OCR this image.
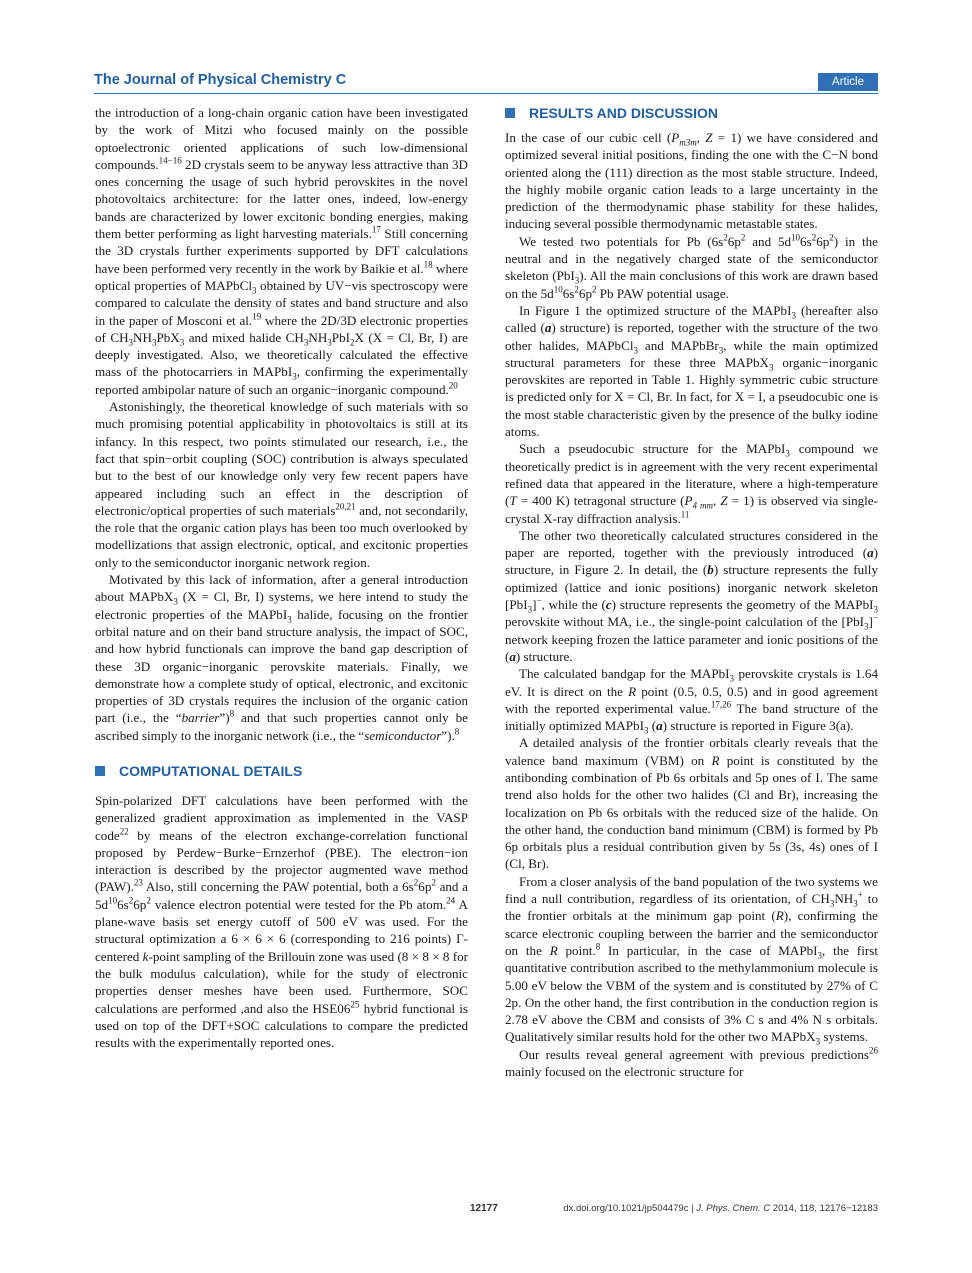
The Journal of Physical Chemistry C	Article

the introduction of a long-chain organic cation have been investigated by the work of Mitzi who focused mainly on the possible optoelectronic oriented applications of such low-dimensional compounds.$^{14-16}$ 2D crystals seem to be anyway less attractive than 3D ones concerning the usage of such hybrid perovskites in the novel photovoltaics architecture: for the latter ones, indeed, low-energy bands are characterized by lower excitonic bonding energies, making them better performing as light harvesting materials.$^{17}$ Still concerning the 3D crystals further experiments supported by DFT calculations have been performed very recently in the work by Baikie et al.$^{18}$ where optical properties of MAPbCl$_3$ obtained by UV−vis spectroscopy were compared to calculate the density of states and band structure and also in the paper of Mosconi et al.$^{19}$ where the 2D/3D electronic properties of $CH_3NH_3PbX_3$ and mixed halide $CH_3NH_3PbI_2X$ (X = Cl, Br, I) are deeply investigated. Also, we theoretically calculated the effective mass of the photocarriers in MAPbI$_3$, confirming the experimentally reported ambipolar nature of such an organic−inorganic compound.$^{20}$

Astonishingly, the theoretical knowledge of such materials with so much promising potential applicability in photovoltaics is still at its infancy. In this respect, two points stimulated our research, i.e., the fact that spin−orbit coupling (SOC) contribution is always speculated but to the best of our knowledge only very few recent papers have appeared including such an effect in the description of electronic/optical properties of such materials$^{20,21}$ and, not secondarily, the role that the organic cation plays has been too much overlooked by modellizations that assign electronic, optical, and excitonic properties only to the semiconductor inorganic network region.

Motivated by this lack of information, after a general introduction about MAPbX$_3$ (X = Cl, Br, I) systems, we here intend to study the electronic properties of the MAPbI$_3$ halide, focusing on the frontier orbital nature and on their band structure analysis, the impact of SOC, and how hybrid functionals can improve the band gap description of these 3D organic−inorganic perovskite materials. Finally, we demonstrate how a complete study of optical, electronic, and excitonic properties of 3D crystals requires the inclusion of the organic cation part (i.e., the “barrier”)$^8$ and that such properties cannot only be ascribed simply to the inorganic network (i.e., the “semiconductor”).$^8$

COMPUTATIONAL DETAILS

Spin-polarized DFT calculations have been performed with the generalized gradient approximation as implemented in the VASP code$^{22}$ by means of the electron exchange-correlation functional proposed by Perdew−Burke−Ernzerhof (PBE). The electron−ion interaction is described by the projector augmented wave method (PAW).$^{23}$ Also, still concerning the PAW potential, both a $6s^26p^2$ and a $5d^{10}6s^26p^2$ valence electron potential were tested for the Pb atom.$^{24}$ A plane-wave basis set energy cutoff of 500 eV was used. For the structural optimization a 6 × 6 × 6 (corresponding to 216 points) Γ-centered k-point sampling of the Brillouin zone was used (8 × 8 × 8 for the bulk modulus calculation), while for the study of electronic properties denser meshes have been used. Furthermore, SOC calculations are performed ,and also the $HSE06^{25}$ hybrid functional is used on top of the DFT+SOC calculations to compare the predicted results with the experimentally reported ones.

RESULTS AND DISCUSSION

In the case of our cubic cell ($P_{m3m}$, Z = 1) we have considered and optimized several initial positions, finding the one with the C−N bond oriented along the (111) direction as the most stable structure. Indeed, the highly mobile organic cation leads to a large uncertainty in the prediction of the thermodynamic phase stability for these halides, inducing several possible thermodynamic metastable states.

We tested two potentials for Pb ($6s^26p^2$ and $5d^{10}6s^26p^2$) in the neutral and in the negatively charged state of the semiconductor skeleton (PbI$_3$). All the main conclusions of this work are drawn based on the $5d^{10}6s^26p^2$ Pb PAW potential usage.

In Figure 1 the optimized structure of the MAPbI$_3$ (hereafter also called (a) structure) is reported, together with the structure of the two other halides, MAPbCl$_3$ and MAPbBr$_3$, while the main optimized structural parameters for these three MAPbX$_3$ organic−inorganic perovskites are reported in Table 1. Highly symmetric cubic structure is predicted only for X = Cl, Br. In fact, for X = I, a pseudocubic one is the most stable characteristic given by the presence of the bulky iodine atoms.

Such a pseudocubic structure for the MAPbI$_3$ compound we theoretically predict is in agreement with the very recent experimental refined data that appeared in the literature, where a high-temperature (T = 400 K) tetragonal structure ($P_{4 mm}$, Z = 1) is observed via single-crystal X-ray diffraction analysis.$^{11}$

The other two theoretically calculated structures considered in the paper are reported, together with the previously introduced (a) structure, in Figure 2. In detail, the (b) structure represents the fully optimized (lattice and ionic positions) inorganic network skeleton [PbI$_3$]−, while the (c) structure represents the geometry of the MAPbI$_3$ perovskite without MA, i.e., the single-point calculation of the [PbI$_3$]− network keeping frozen the lattice parameter and ionic positions of the (a) structure.

The calculated bandgap for the MAPbI$_3$ perovskite crystals is 1.64 eV. It is direct on the R point (0.5, 0.5, 0.5) and in good agreement with the reported experimental value.$^{17,26}$ The band structure of the initially optimized MAPbI$_3$ (a) structure is reported in Figure 3(a).

A detailed analysis of the frontier orbitals clearly reveals that the valence band maximum (VBM) on R point is constituted by the antibonding combination of Pb 6s orbitals and 5p ones of I. The same trend also holds for the other two halides (Cl and Br), increasing the localization on Pb 6s orbitals with the reduced size of the halide. On the other hand, the conduction band minimum (CBM) is formed by Pb 6p orbitals plus a residual contribution given by 5s (3s, 4s) ones of I (Cl, Br).

From a closer analysis of the band population of the two systems we find a null contribution, regardless of its orientation, of $CH_3NH_3^+$ to the frontier orbitals at the minimum gap point (R), confirming the scarce electronic coupling between the barrier and the semiconductor on the R point.$^8$ In particular, in the case of MAPbI$_3$, the first quantitative contribution ascribed to the methylammonium molecule is 5.00 eV below the VBM of the system and is constituted by 27% of C 2p. On the other hand, the first contribution in the conduction region is 2.78 eV above the CBM and consists of 3% C s and 4% N s orbitals. Qualitatively similar results hold for the other two MAPbX$_3$ systems.

Our results reveal general agreement with previous predictions$^{26}$ mainly focused on the electronic structure for

12177	dx.doi.org/10.1021/jp504479c | J. Phys. Chem. C 2014, 118, 12176−12183
